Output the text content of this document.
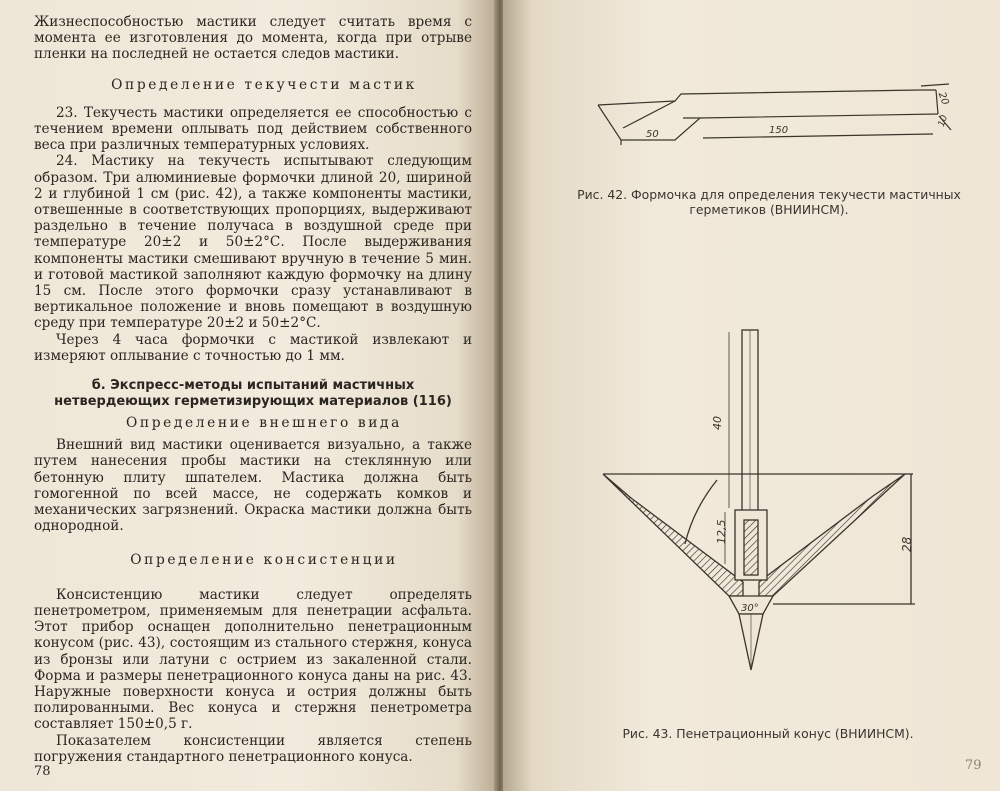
Жизнеспособностью мастики следует считать время с момента ее изготовления до момента, когда при отрыве пленки на последней не остается следов мастики.

Определение текучести мастик

23. Текучесть мастики определяется ее способностью с течением времени оплывать под действием собственного веса при различных температурных условиях.

24. Мастику на текучесть испытывают следующим образом. Три алюминиевые формочки длиной 20, шириной 2 и глубиной 1 см (рис. 42), а также компоненты мастики, отвешенные в соответствующих пропорциях, выдерживают раздельно в течение получаса в воздушной среде при температуре 20±2 и 50±2°С. После выдерживания компоненты мастики смешивают вручную в течение 5 мин. и готовой мастикой заполняют каждую формочку на длину 15 см. После этого формочки сразу устанавливают в вертикальное положение и вновь помещают в воздушную среду при температуре 20±2 и 50±2°С.

Через 4 часа формочки с мастикой извлекают и измеряют оплывание с точностью до 1 мм.

б. Экспресс-методы испытаний мастичных нетвердеющих герметизирующих материалов (116)

Определение внешнего вида

Внешний вид мастики оценивается визуально, а также путем нанесения пробы мастики на стеклянную или бетонную плиту шпателем. Мастика должна быть гомогенной по всей массе, не содержать комков и механических загрязнений. Окраска мастики должна быть однородной.

Определение консистенции

Консистенцию мастики следует определять пенетрометром, применяемым для пенетрации асфальта. Этот прибор оснащен дополнительно пенетрационным конусом (рис. 43), состоящим из стального стержня, конуса из бронзы или латуни с острием из закаленной стали. Форма и размеры пенетрационного конуса даны на рис. 43. Наружные поверхности конуса и острия должны быть полированными. Вес конуса и стержня пенетрометра составляет 150±0,5 г.

Показателем консистенции является степень погружения стандартного пенетрационного конуса.

78
20
10
50	150
Рис. 42. Формочка для определения текучести мастичных герметиков (ВНИИНСМ).
40
12,5
28
30°
Рис. 43. Пенетрационный конус (ВНИИНСМ).
79
